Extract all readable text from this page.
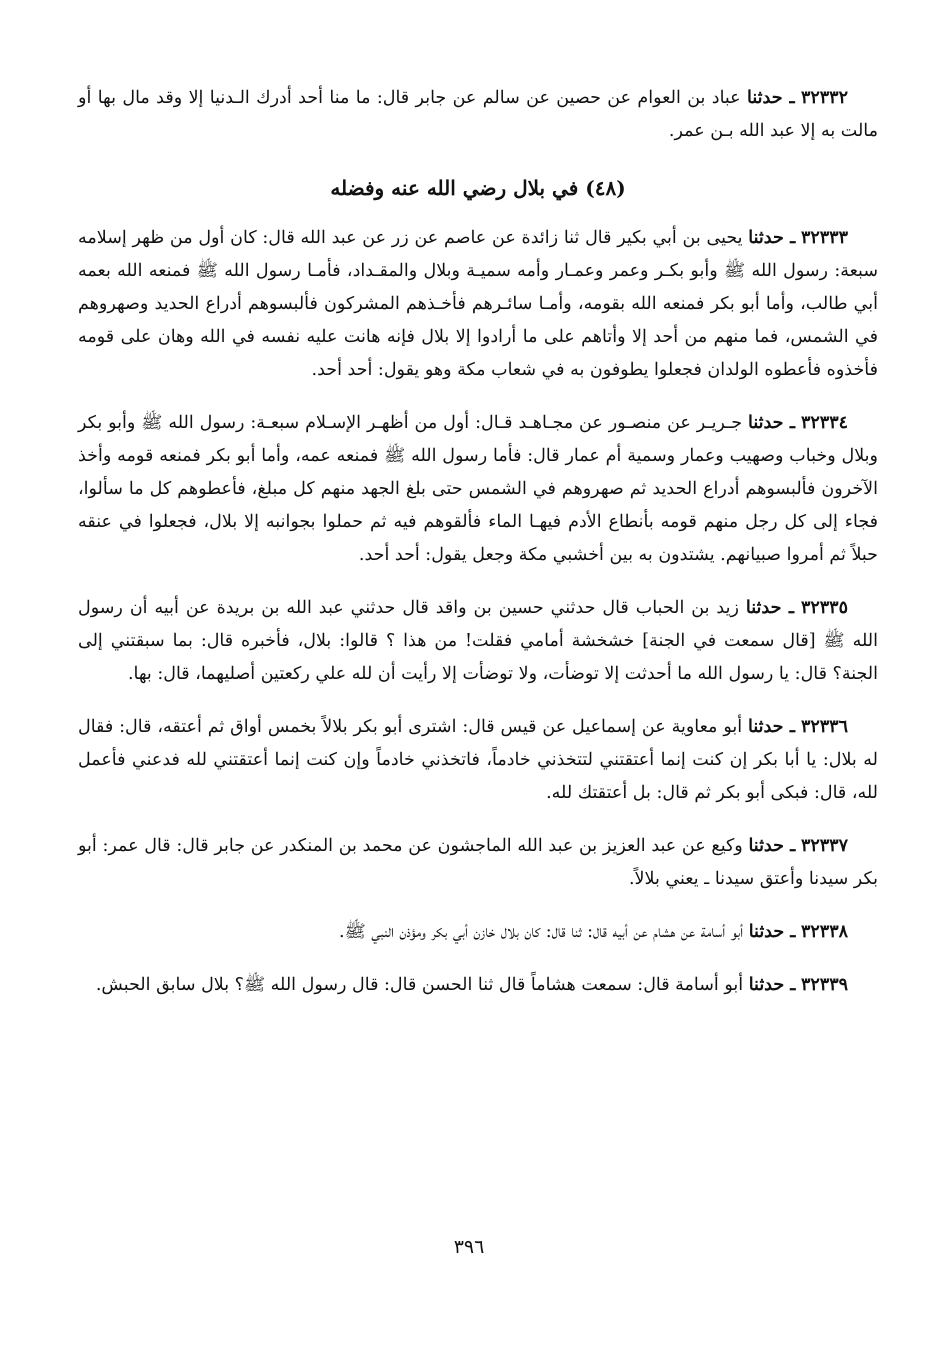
٣٢٣٣٢ ـ حدثنا عباد بن العوام عن حصين عن سالم عن جابر قال: ما منا أحد أدرك الـدنيا إلا وقد مال بها أو مالت به إلا عبد الله بـن عمر.

(٤٨) في بلال رضي الله عنه وفضله

٣٢٣٣٣ ـ حدثنا يحيى بن أبي بكير قال ثنا زائدة عن عاصم عن زر عن عبد الله قال: كان أول من ظهر إسلامه سبعة: رسول الله ﷺ وأبو بكـر وعمر وعمـار وأمه سميـة وبلال والمقـداد، فأمـا رسول الله ﷺ فمنعه الله بعمه أبي طالب، وأما أبو بكر فمنعه الله بقومه، وأمـا سائـرهم فأخـذهم المشركون فألبسوهم أدراع الحديد وصهروهم في الشمس، فما منهم من أحد إلا وأتاهم على ما أرادوا إلا بلال فإنه هانت عليه نفسه في الله وهان على قومه فأخذوه فأعطوه الولدان فجعلوا يطوفون به في شعاب مكة وهو يقول: أحد أحد.

٣٢٣٣٤ ـ حدثنا جـريـر عن منصـور عن مجـاهـد قـال: أول من أظهـر الإسـلام سبعـة: رسول الله ﷺ وأبو بكر وبلال وخباب وصهيب وعمار وسمية أم عمار قال: فأما رسول الله ﷺ فمنعه عمه، وأما أبو بكر فمنعه قومه وأخذ الآخرون فألبسوهم أدراع الحديد ثم صهروهم في الشمس حتى بلغ الجهد منهم كل مبلغ، فأعطوهم كل ما سألوا، فجاء إلى كل رجل منهم قومه بأنطاع الأدم فيهـا الماء فألقوهم فيه ثم حملوا بجوانبه إلا بلال، فجعلوا في عنقه حبلاً ثم أمروا صبيانهم. يشتدون به بين أخشبي مكة وجعل يقول: أحد أحد.

٣٢٣٣٥ ـ حدثنا زيد بن الحباب قال حدثني حسين بن واقد قال حدثني عبد الله بن بريدة عن أبيه أن رسول الله ﷺ [قال سمعت في الجنة] خشخشة أمامي فقلت! من هذا ؟ قالوا: بلال، فأخبره قال: بما سبقتني إلى الجنة؟ قال: يا رسول الله ما أحدثت إلا توضأت، ولا توضأت إلا رأيت أن لله علي ركعتين أصليهما، قال: بها.

٣٢٣٣٦ ـ حدثنا أبو معاوية عن إسماعيل عن قيس قال: اشترى أبو بكر بلالاً بخمس أواق ثم أعتقه، قال: فقال له بلال: يا أبا بكر إن كنت إنما أعتقتني لتتخذني خادماً، فاتخذني خادماً وإن كنت إنما أعتقتني لله فدعني فأعمل لله، قال: فبكى أبو بكر ثم قال: بل أعتقتك لله.

٣٢٣٣٧ ـ حدثنا وكيع عن عبد العزيز بن عبد الله الماجشون عن محمد بن المنكدر عن جابر قال: قال عمر: أبو بكر سيدنا وأعتق سيدنا ـ يعني بلالاً.

٣٢٣٣٨ ـ حدثنا أبو أسامة عن هشام عن أبيه قال: ثنا قال: كان بلال خازن أبي بكر ومؤذن النبي ﷺ.

٣٢٣٣٩ ـ حدثنا أبو أسامة قال: سمعت هشاماً قال ثنا الحسن قال: قال رسول الله ﷺ؟ بلال سابق الحبش.

٣٩٦
